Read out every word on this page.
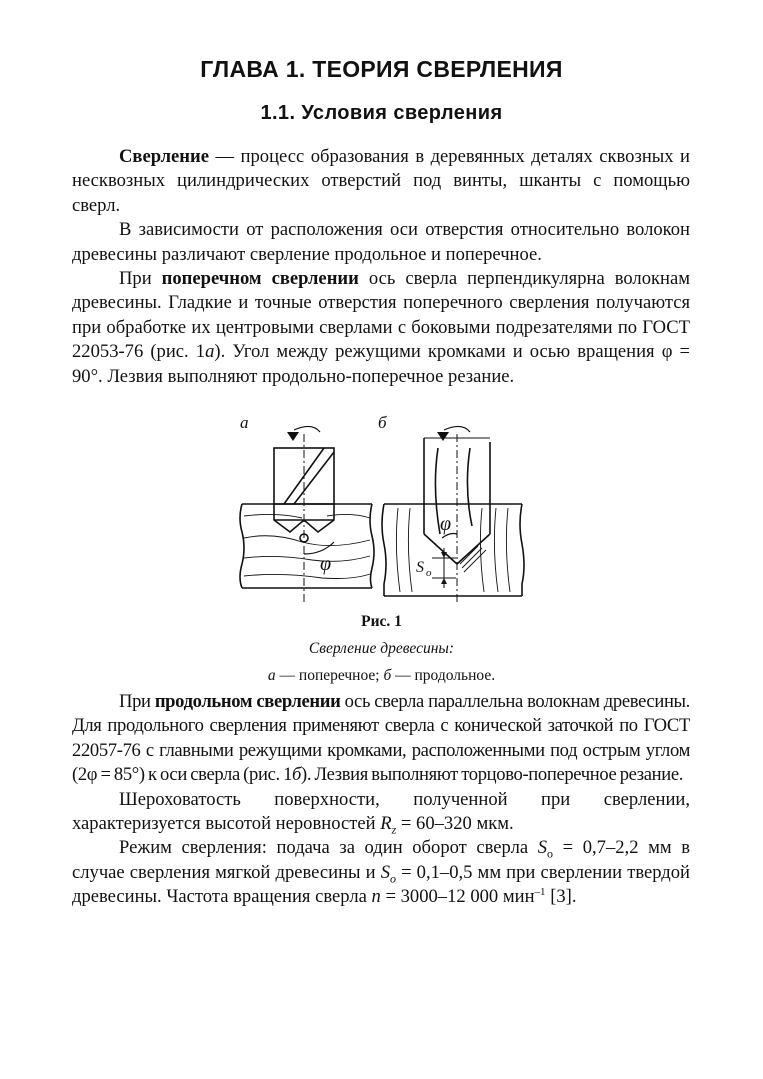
ГЛАВА 1. ТЕОРИЯ СВЕРЛЕНИЯ
1.1. Условия сверления

Сверление — процесс образования в деревянных деталях сквозных и несквозных цилиндрических отверстий под винты, шканты с помощью сверл.

В зависимости от расположения оси отверстия относительно волокон древесины различают сверление продольное и поперечное.

При поперечном сверлении ось сверла перпендикулярна волокнам древесины. Гладкие и точные отверстия поперечного сверления получаются при обработке их центровыми сверлами с боковыми подрезателями по ГОСТ 22053-76 (рис. 1а). Угол между режущими кромками и осью вращения φ = 90°. Лезвия выполняют продольно-поперечное резание.

а	б
φ
φ
S o
Рис. 1
Сверление древесины:
а — поперечное; б — продольное.

При продольном сверлении ось сверла параллельна волокнам древесины. Для продольного сверления применяют сверла с конической заточкой по ГОСТ 22057-76 с главными режущими кромками, расположенными под острым углом (2φ = 85°) к оси сверла (рис. 1б). Лезвия выполняют торцово-поперечное резание.

Шероховатость поверхности, полученной при сверлении, характеризуется высотой неровностей $R_z = 60-320$ мкм.

Режим сверления: подача за один оборот сверла $S_о = 0,7-2,2$ мм в случае сверления мягкой древесины и $S_o = 0,1-0,5$ мм при сверлении твердой древесины. Частота вращения сверла n = 3000–12 000 мин$^{-1}$ [3].
